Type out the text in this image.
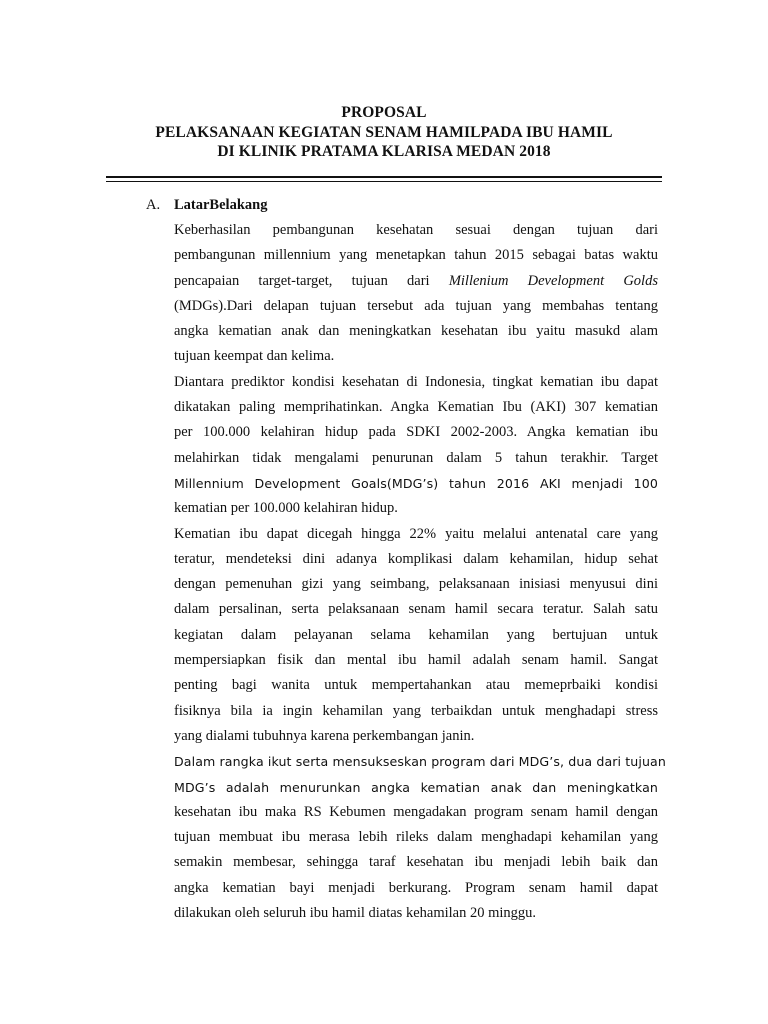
PROPOSAL
PELAKSANAAN KEGIATAN SENAM HAMILPADA IBU HAMIL
DI KLINIK PRATAMA KLARISA MEDAN 2018
A. LatarBelakang
Keberhasilan pembangunan kesehatan sesuai dengan tujuan dari
pembangunan millennium yang menetapkan tahun 2015 sebagai batas waktu
pencapaian target-target, tujuan dari Millenium Development Golds
(MDGs).Dari delapan tujuan tersebut ada tujuan yang membahas tentang
angka kematian anak dan meningkatkan kesehatan ibu yaitu masukd alam
tujuan keempat dan kelima.
Diantara prediktor kondisi kesehatan di Indonesia, tingkat kematian ibu dapat
dikatakan paling memprihatinkan. Angka Kematian Ibu (AKI) 307 kematian
per 100.000 kelahiran hidup pada SDKI 2002-2003. Angka kematian ibu
melahirkan tidak mengalami penurunan dalam 5 tahun terakhir. Target
Millennium Development Goals(MDG’s) tahun 2016 AKI menjadi 100
kematian per 100.000 kelahiran hidup.
Kematian ibu dapat dicegah hingga 22% yaitu melalui antenatal care yang
teratur, mendeteksi dini adanya komplikasi dalam kehamilan, hidup sehat
dengan pemenuhan gizi yang seimbang, pelaksanaan inisiasi menyusui dini
dalam persalinan, serta pelaksanaan senam hamil secara teratur. Salah satu
kegiatan dalam pelayanan selama kehamilan yang bertujuan untuk
mempersiapkan fisik dan mental ibu hamil adalah senam hamil. Sangat
penting bagi wanita untuk mempertahankan atau memeprbaiki kondisi
fisiknya bila ia ingin kehamilan yang terbaikdan untuk menghadapi stress
yang dialami tubuhnya karena perkembangan janin.
Dalam rangka ikut serta mensukseskan program dari MDG’s, dua dari tujuan
MDG’s adalah menurunkan angka kematian anak dan meningkatkan
kesehatan ibu maka RS Kebumen mengadakan program senam hamil dengan
tujuan membuat ibu merasa lebih rileks dalam menghadapi kehamilan yang
semakin membesar, sehingga taraf kesehatan ibu menjadi lebih baik dan
angka kematian bayi menjadi berkurang. Program senam hamil dapat
dilakukan oleh seluruh ibu hamil diatas kehamilan 20 minggu.
